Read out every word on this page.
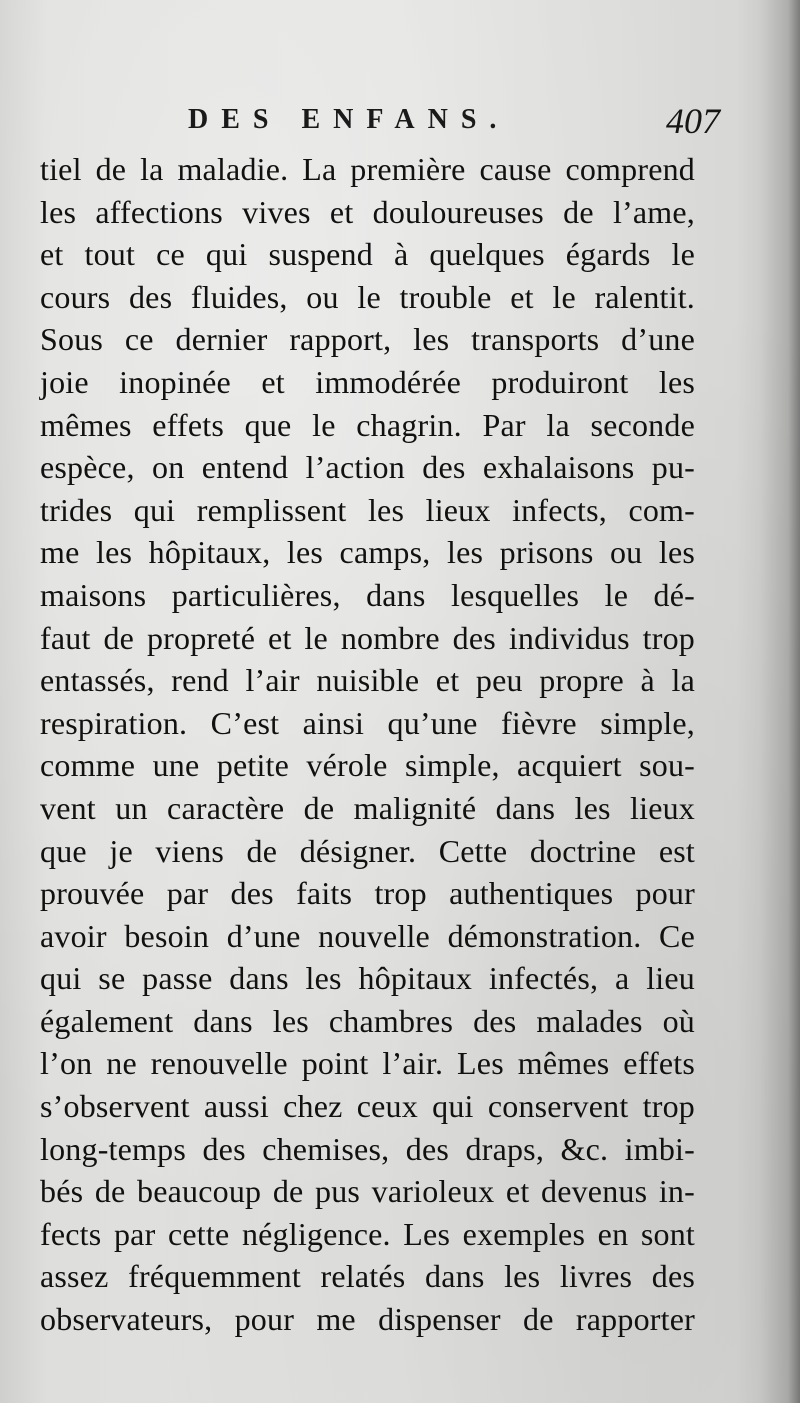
DES ENFANS.	407
tiel de la maladie. La première cause comprend
les affections vives et douloureuses de l’ame,
et tout ce qui suspend à quelques égards le
cours des fluides, ou le trouble et le ralentit.
Sous ce dernier rapport, les transports d’une
joie inopinée et immodérée produiront les
mêmes effets que le chagrin. Par la seconde
espèce, on entend l’action des exhalaisons pu-
trides qui remplissent les lieux infects, com-
me les hôpitaux, les camps, les prisons ou les
maisons particulières, dans lesquelles le dé-
faut de propreté et le nombre des individus trop
entassés, rend l’air nuisible et peu propre à la
respiration. C’est ainsi qu’une fièvre simple,
comme une petite vérole simple, acquiert sou-
vent un caractère de malignité dans les lieux
que je viens de désigner. Cette doctrine est
prouvée par des faits trop authentiques pour
avoir besoin d’une nouvelle démonstration. Ce
qui se passe dans les hôpitaux infectés, a lieu
également dans les chambres des malades où
l’on ne renouvelle point l’air. Les mêmes effets
s’observent aussi chez ceux qui conservent trop
long-temps des chemises, des draps, &c. imbi-
bés de beaucoup de pus varioleux et devenus in-
fects par cette négligence. Les exemples en sont
assez fréquemment relatés dans les livres des
observateurs, pour me dispenser de rapporter
